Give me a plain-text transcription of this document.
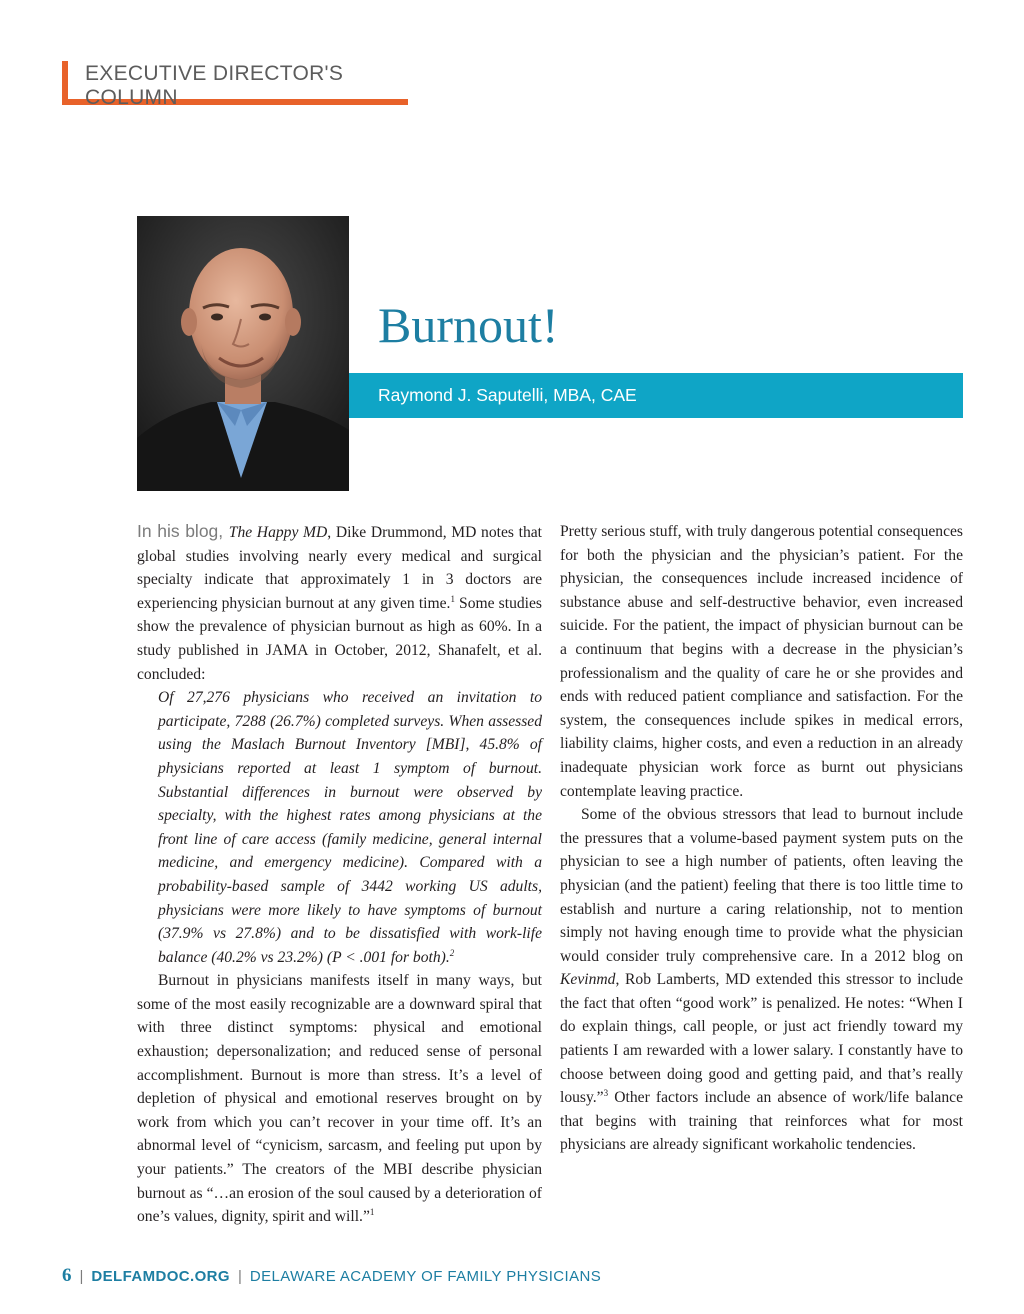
EXECUTIVE DIRECTOR'S COLUMN
Burnout!
Raymond J. Saputelli, MBA, CAE

In his blog, The Happy MD, Dike Drummond, MD notes that global studies involving nearly every medical and surgical specialty indicate that approximately 1 in 3 doctors are experiencing physician burnout at any given time.$^1$ Some studies show the prevalence of physician burnout as high as 60%. In a study published in JAMA in October, 2012, Shanafelt, et al. concluded:

Of 27,276 physicians who received an invitation to participate, 7288 (26.7%) completed surveys. When assessed using the Maslach Burnout Inventory [MBI], 45.8% of physicians reported at least 1 symptom of burnout. Substantial differences in burnout were observed by specialty, with the highest rates among physicians at the front line of care access (family medicine, general internal medicine, and emergency medicine). Compared with a probability-based sample of 3442 working US adults, physicians were more likely to have symptoms of burnout (37.9% vs 27.8%) and to be dissatisfied with work-life balance (40.2% vs 23.2%) (P < .001 for both).$^2$

Burnout in physicians manifests itself in many ways, but some of the most easily recognizable are a downward spiral that with three distinct symptoms: physical and emotional exhaustion; depersonalization; and reduced sense of personal accomplishment. Burnout is more than stress. It’s a level of depletion of physical and emotional reserves brought on by work from which you can’t recover in your time off. It’s an abnormal level of “cynicism, sarcasm, and feeling put upon by your patients.” The creators of the MBI describe physician burnout as “…an erosion of the soul caused by a deterioration of one’s values, dignity, spirit and will.”$^1$

Pretty serious stuff, with truly dangerous potential consequences for both the physician and the physician’s patient. For the physician, the consequences include increased incidence of substance abuse and self-destructive behavior, even increased suicide. For the patient, the impact of physician burnout can be a continuum that begins with a decrease in the physician’s professionalism and the quality of care he or she provides and ends with reduced patient compliance and satisfaction. For the system, the consequences include spikes in medical errors, liability claims, higher costs, and even a reduction in an already inadequate physician work force as burnt out physicians contemplate leaving practice.

Some of the obvious stressors that lead to burnout include the pressures that a volume-based payment system puts on the physician to see a high number of patients, often leaving the physician (and the patient) feeling that there is too little time to establish and nurture a caring relationship, not to mention simply not having enough time to provide what the physician would consider truly comprehensive care. In a 2012 blog on Kevinmd, Rob Lamberts, MD extended this stressor to include the fact that often “good work” is penalized. He notes: “When I do explain things, call people, or just act friendly toward my patients I am rewarded with a lower salary. I constantly have to choose between doing good and getting paid, and that’s really lousy.”$^3$ Other factors include an absence of work/life balance that begins with training that reinforces what for most physicians are already significant workaholic tendencies.

6 | DELFAMDOC.ORG | DELAWARE ACADEMY OF FAMILY PHYSICIANS
